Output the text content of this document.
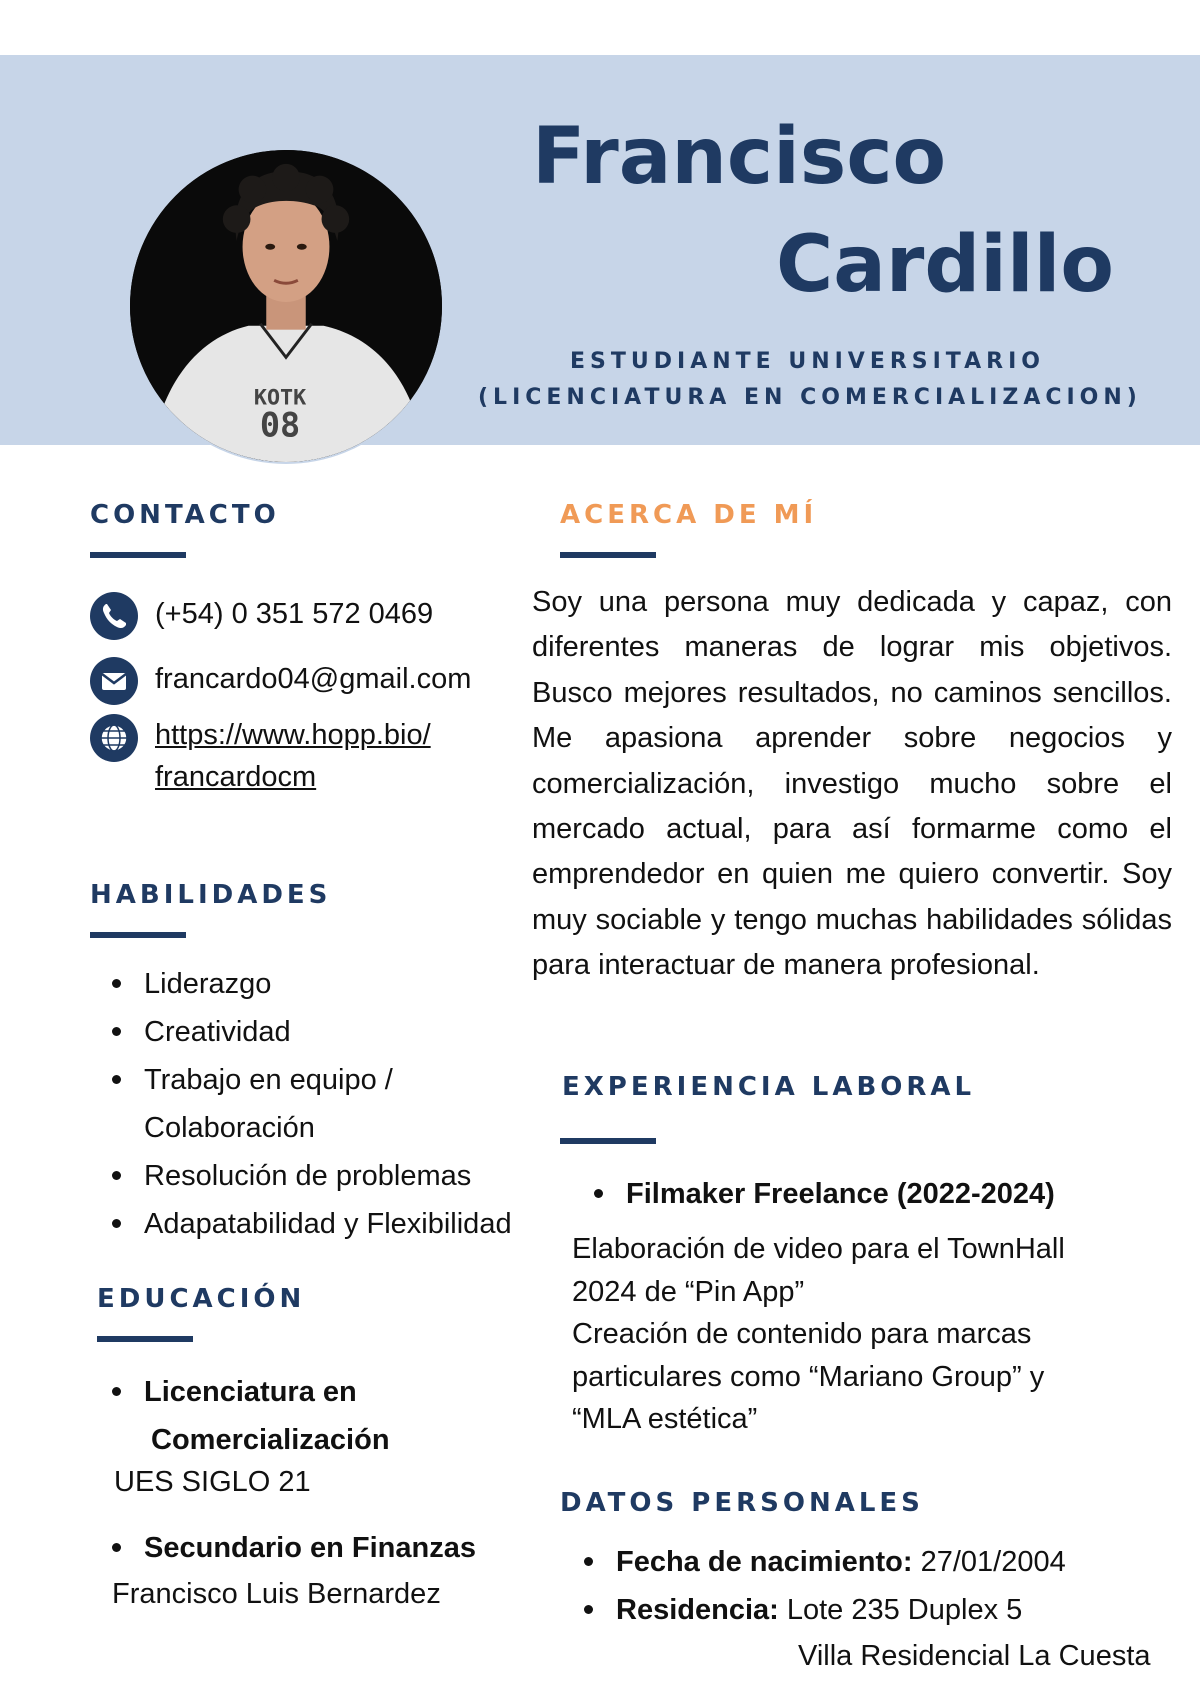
KOTK
08
Francisco
Cardillo
ESTUDIANTE UNIVERSITARIO
(LICENCIATURA EN COMERCIALIZACION)
CONTACTO
(+54) 0 351 572 0469
francardo04@gmail.com
https://www.hopp.bio/
francardocm
HABILIDADES
Liderazgo
Creatividad
Trabajo en equipo /
Colaboración
Resolución de problemas
Adapatabilidad y Flexibilidad
EDUCACIÓN
Licenciatura en
Comercialización
UES SIGLO 21
Secundario en Finanzas
Francisco Luis Bernardez
ACERCA DE MÍ
Soy una persona muy dedicada y capaz, con diferentes maneras de lograr mis objetivos. Busco mejores resultados, no caminos sencillos. Me apasiona aprender sobre negocios y comercialización, investigo mucho sobre el mercado actual, para así formarme como el emprendedor en quien me quiero convertir. Soy muy sociable y tengo muchas habilidades sólidas para interactuar de manera profesional.
EXPERIENCIA LABORAL
Filmaker Freelance (2022-2024)
Elaboración de video para el TownHall
2024 de “Pin App”
Creación de contenido para marcas
particulares como “Mariano Group” y
“MLA estética”
DATOS PERSONALES
Fecha de nacimiento: 27/01/2004
Residencia: Lote 235 Duplex 5
Villa Residencial La Cuesta
